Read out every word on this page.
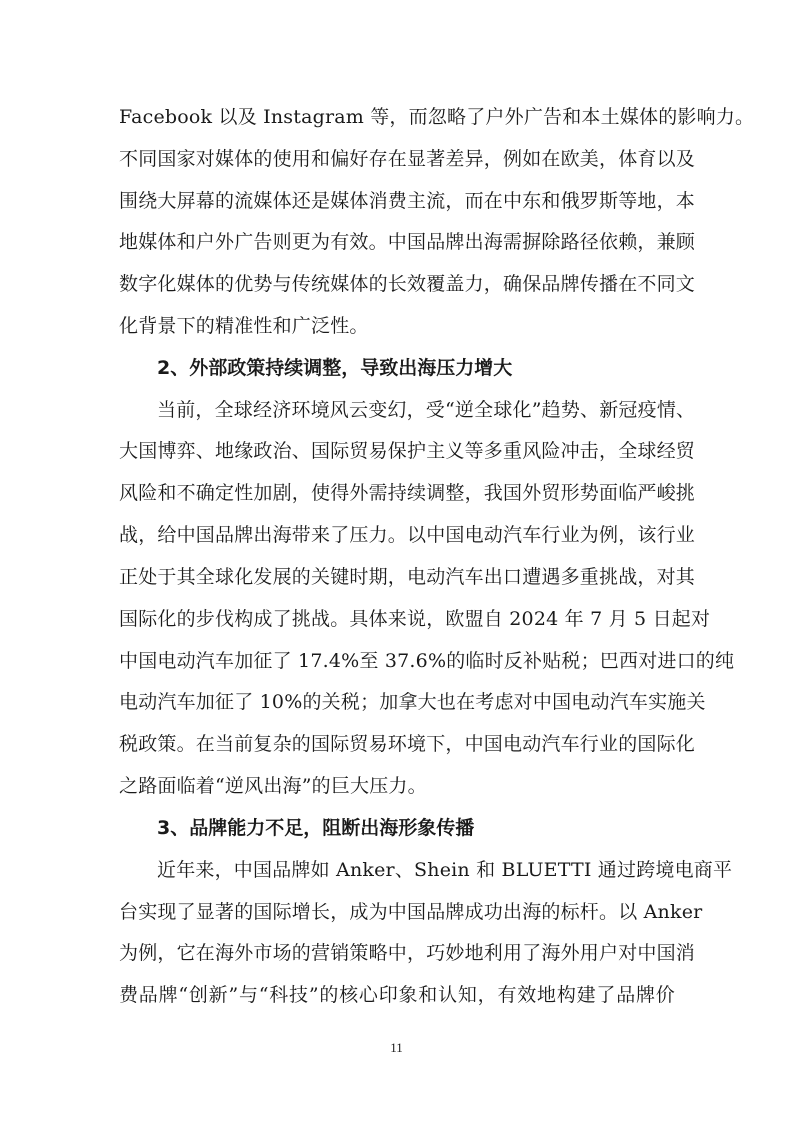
Facebook 以及 Instagram 等，而忽略了户外广告和本土媒体的影响力。
不同国家对媒体的使用和偏好存在显著差异，例如在欧美，体育以及
围绕大屏幕的流媒体还是媒体消费主流，而在中东和俄罗斯等地，本
地媒体和户外广告则更为有效。中国品牌出海需摒除路径依赖，兼顾
数字化媒体的优势与传统媒体的长效覆盖力，确保品牌传播在不同文
化背景下的精准性和广泛性。
2、外部政策持续调整，导致出海压力增大
当前，全球经济环境风云变幻，受“逆全球化”趋势、新冠疫情、
大国博弈、地缘政治、国际贸易保护主义等多重风险冲击，全球经贸
风险和不确定性加剧，使得外需持续调整，我国外贸形势面临严峻挑
战，给中国品牌出海带来了压力。以中国电动汽车行业为例，该行业
正处于其全球化发展的关键时期，电动汽车出口遭遇多重挑战，对其
国际化的步伐构成了挑战。具体来说，欧盟自 2024 年 7 月 5 日起对
中国电动汽车加征了 17.4%至 37.6%的临时反补贴税；巴西对进口的纯
电动汽车加征了 10%的关税；加拿大也在考虑对中国电动汽车实施关
税政策。在当前复杂的国际贸易环境下，中国电动汽车行业的国际化
之路面临着“逆风出海”的巨大压力。
3、品牌能力不足，阻断出海形象传播
近年来，中国品牌如 Anker、Shein 和 BLUETTI 通过跨境电商平
台实现了显著的国际增长，成为中国品牌成功出海的标杆。以 Anker
为例，它在海外市场的营销策略中，巧妙地利用了海外用户对中国消
费品牌“创新”与“科技”的核心印象和认知，有效地构建了品牌价
11
